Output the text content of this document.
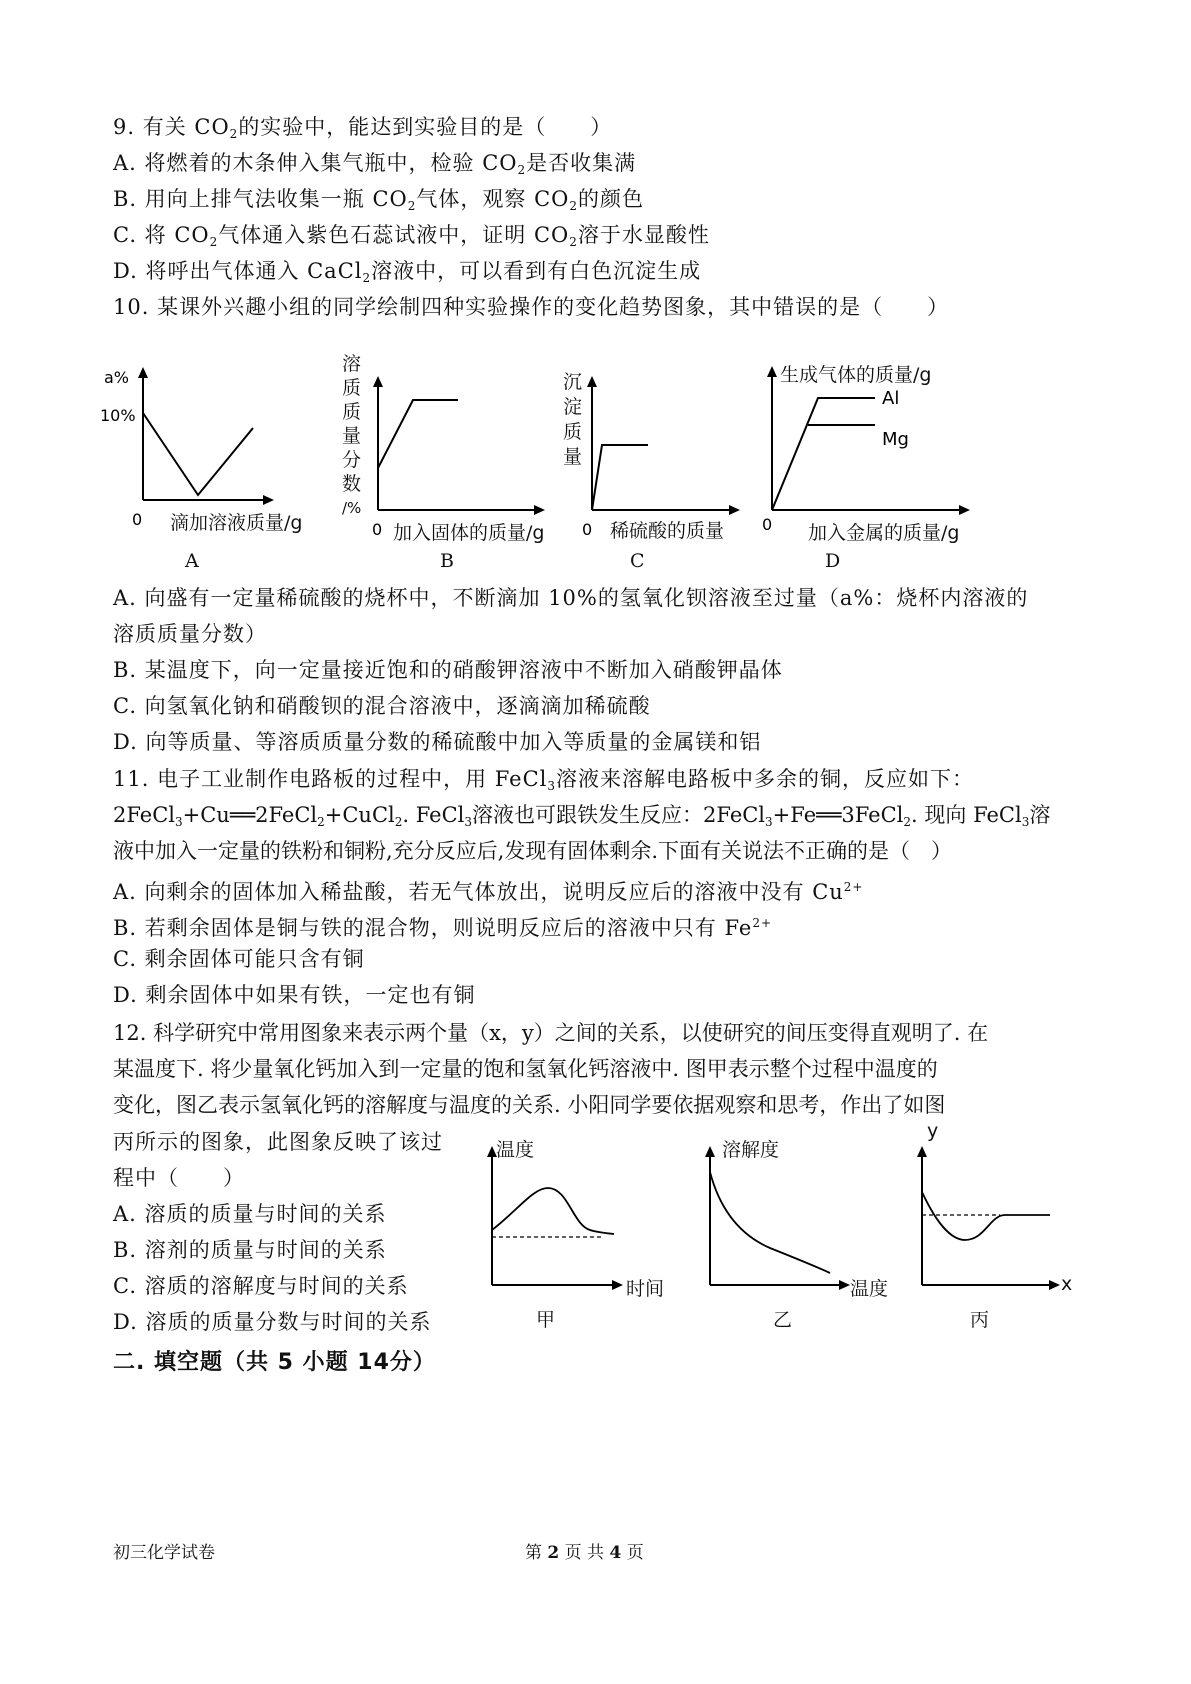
9. 有关 $CO_2$的实验中，能达到实验目的是（　　）
A. 将燃着的木条伸入集气瓶中，检验 $CO_2$是否收集满
B. 用向上排气法收集一瓶 $CO_2$气体，观察 $CO_2$的颜色
C. 将 $CO_2$气体通入紫色石蕊试液中，证明 $CO_2$溶于水显酸性
D. 将呼出气体通入 CaCl$_2$溶液中，可以看到有白色沉淀生成
10. 某课外兴趣小组的同学绘制四种实验操作的变化趋势图象，其中错误的是（　　）
a%
10%
0 滴加溶液质量/g
A
0
溶
质
质
量
分
数
/%
加入固体的质量/g
B
0
沉
淀
质
量
稀硫酸的质量
C
Al
Mg
0
生成气体的质量/g
加入金属的质量/g
D
A. 向盛有一定量稀硫酸的烧杯中，不断滴加 10%的氢氧化钡溶液至过量（a%：烧杯内溶液的
溶质质量分数）
B. 某温度下，向一定量接近饱和的硝酸钾溶液中不断加入硝酸钾晶体
C. 向氢氧化钠和硝酸钡的混合溶液中，逐滴滴加稀硫酸
D. 向等质量、等溶质质量分数的稀硫酸中加入等质量的金属镁和铝
11. 电子工业制作电路板的过程中，用 FeCl$_3$溶液来溶解电路板中多余的铜，反应如下：
2FeCl$_3$+Cu══2FeCl$_2$+CuCl$_2$. FeCl$_3$溶液也可跟铁发生反应：2FeCl$_3$+Fe══3FeCl$_2$. 现向 FeCl$_3$溶
液中加入一定量的铁粉和铜粉,充分反应后,发现有固体剩余.下面有关说法不正确的是（　）
A. 向剩余的固体加入稀盐酸，若无气体放出，说明反应后的溶液中没有 $Cu^{2+}$
B. 若剩余固体是铜与铁的混合物，则说明反应后的溶液中只有 $Fe^{2+}$
C. 剩余固体可能只含有铜
D. 剩余固体中如果有铁，一定也有铜
12. 科学研究中常用图象来表示两个量（x，y）之间的关系，以使研究的间压变得直观明了. 在
某温度下. 将少量氧化钙加入到一定量的饱和氢氧化钙溶液中. 图甲表示整个过程中温度的
变化，图乙表示氢氧化钙的溶解度与温度的关系. 小阳同学要依据观察和思考，作出了如图
丙所示的图象，此图象反映了该过
程中（　　）
A. 溶质的质量与时间的关系
B. 溶剂的质量与时间的关系
C. 溶质的溶解度与时间的关系
D. 溶质的质量分数与时间的关系
温度
时间
甲
溶解度
温度
乙
y
x
丙
二. 填空题（共 5 小题 14分）
初三化学试卷	第 2 页 共 4 页
